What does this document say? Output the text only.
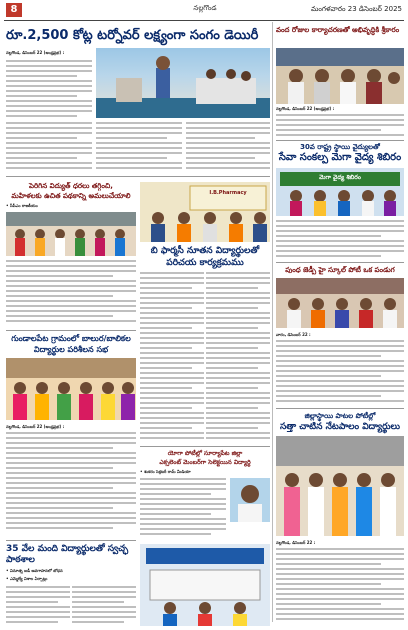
8	నల్లగొండ	మంగళవారం 23 డిసెంబర్ 2025
రూ.2,500 కోట్ల టర్నోవర్ లక్ష్యంగా సంగం డెయిరీ
నల్లగొండ, డిసెంబర్ 22 (ఆంధ్రప్రభ) :
వంద రోజుల కార్యాచరణతో అభివృద్ధికి శ్రీకారం
నల్లగొండ, డిసెంబర్ 22 (ఆంధ్రప్రభ) :
30వ రాష్ట్ర స్థాయి వైద్యులతో
సేవా సంకల్ప మెగా వైద్య శిబిరం
మెగా వైద్య శిబిరం
పెరిగిన విద్యుత్ ధరలు తగ్గించి,
మహిళలకు ఉచిత పథకాన్ని అమలుచేయాలి
• సీపీఎం రాజకీయం
I.B.Pharmacy
బి ఫార్మసీ నూతన విద్యార్థులతో
పరిచయ కార్యక్రమము
పుంధ జెడ్పీ హై స్కూల్ పోటీ ఒక పండుగ
వారం, డిసెంబర్ 22 :
గుండాలపేట గ్రామంలో బాలుర/బాలికల
విద్యార్థుల పరిశీలన సభ
నల్లగొండ, డిసెంబర్ 22 (ఆంధ్రప్రభ) :
యోగా పోటీల్లో సూర్యాపేట జిల్లా
ఎక్సలెంట్ మెంబర్‌గా సెలెక్టయిన విద్యార్థి
• శంకరం సెక్రటరీ రామ్ మీడియా
జిల్లాస్థాయి పాటల పోటీల్లో
సత్తా చాటిన నేటపాలం విద్యార్థులు
నల్లగొండ, డిసెంబర్ 22 :
35 వేల మంది విద్యార్థులతో స్వచ్ఛ పాఠశాల
• వినూత్న ఐడీ అవగాహనలో బోధన
• ఎమ్మెల్యే విశాల ఏర్పాట్లు
